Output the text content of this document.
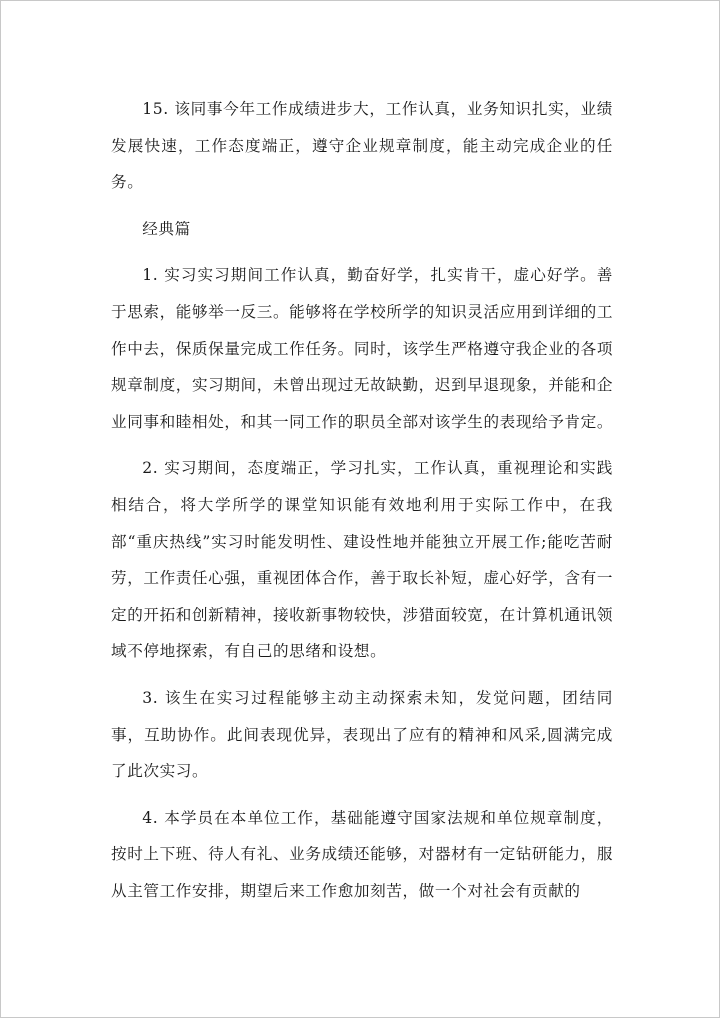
15. 该同事今年工作成绩进步大，工作认真，业务知识扎实，业绩发展快速，工作态度端正，遵守企业规章制度，能主动完成企业的任务。

经典篇

1. 实习实习期间工作认真，勤奋好学，扎实肯干，虚心好学。善于思索，能够举一反三。能够将在学校所学的知识灵活应用到详细的工作中去，保质保量完成工作任务。同时，该学生严格遵守我企业的各项规章制度，实习期间，未曾出现过无故缺勤，迟到早退现象，并能和企业同事和睦相处，和其一同工作的职员全部对该学生的表现给予肯定。

2. 实习期间，态度端正，学习扎实，工作认真，重视理论和实践相结合，将大学所学的课堂知识能有效地利用于实际工作中，在我部“重庆热线”实习时能发明性、建设性地并能独立开展工作;能吃苦耐劳，工作责任心强，重视团体合作，善于取长补短，虚心好学，含有一定的开拓和创新精神，接收新事物较快，涉猎面较宽，在计算机通讯领域不停地探索，有自己的思绪和设想。

3. 该生在实习过程能够主动主动探索未知，发觉问题，团结同事，互助协作。此间表现优异，表现出了应有的精神和风采,圆满完成了此次实习。

4. 本学员在本单位工作，基础能遵守国家法规和单位规章制度，按时上下班、待人有礼、业务成绩还能够，对器材有一定钻研能力，服从主管工作安排，期望后来工作愈加刻苦，做一个对社会有贡献的
